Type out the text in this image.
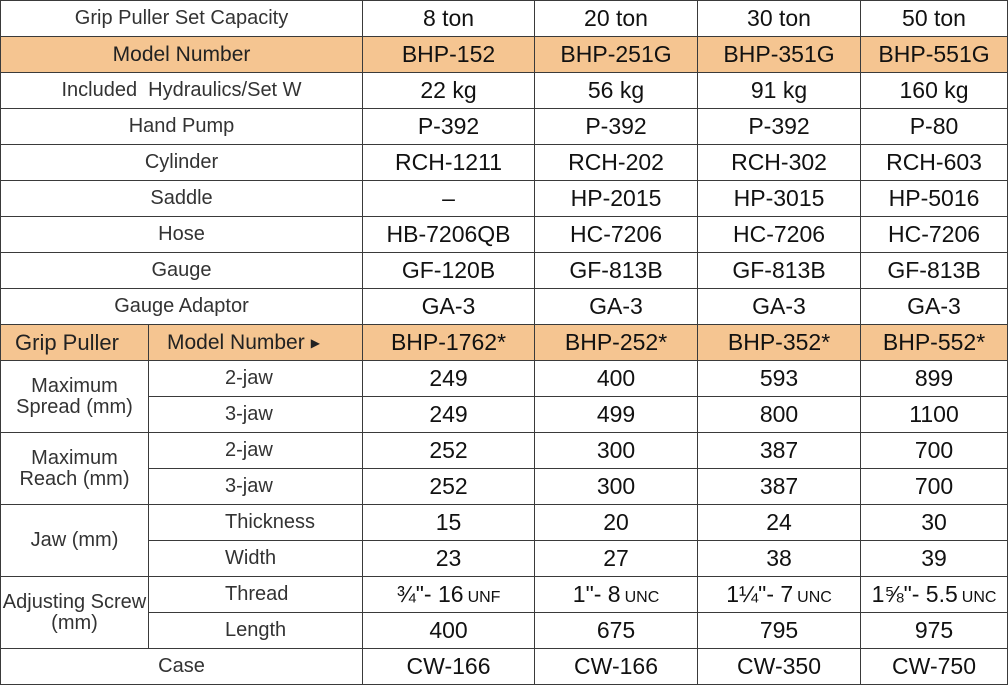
Grip Puller Set Capacity		8 ton	20 ton	30 ton	50 ton
Model Number		BHP-152	BHP-251G	BHP-351G	BHP-551G
Included  Hydraulics/Set W		22 kg	56 kg	91 kg	160 kg
Hand Pump		P-392	P-392	P-392	P-80
Cylinder		RCH-1211	RCH-202	RCH-302	RCH-603
Saddle		–	HP-2015	HP-3015	HP-5016
Hose		HB-7206QB	HC-7206	HC-7206	HC-7206
Gauge		GF-120B	GF-813B	GF-813B	GF-813B
Gauge Adaptor		GA-3	GA-3	GA-3	GA-3
Grip Puller	Model Number ▶	BHP-1762*	BHP-252*	BHP-352*	BHP-552*
Maximum Spread (mm)	2-jaw	249	400	593	899
	3-jaw	249	499	800	1100
Maximum Reach (mm)	2-jaw	252	300	387	700
	3-jaw	252	300	387	700
Jaw (mm)	Thickness	15	20	24	30
	Width	23	27	38	39
Adjusting Screw (mm)	Thread	¾"- 16 UNF	1"- 8 UNC	1¼"- 7 UNC	1⅝"- 5.5 UNC
	Length	400	675	795	975
Case		CW-166	CW-166	CW-350	CW-750
